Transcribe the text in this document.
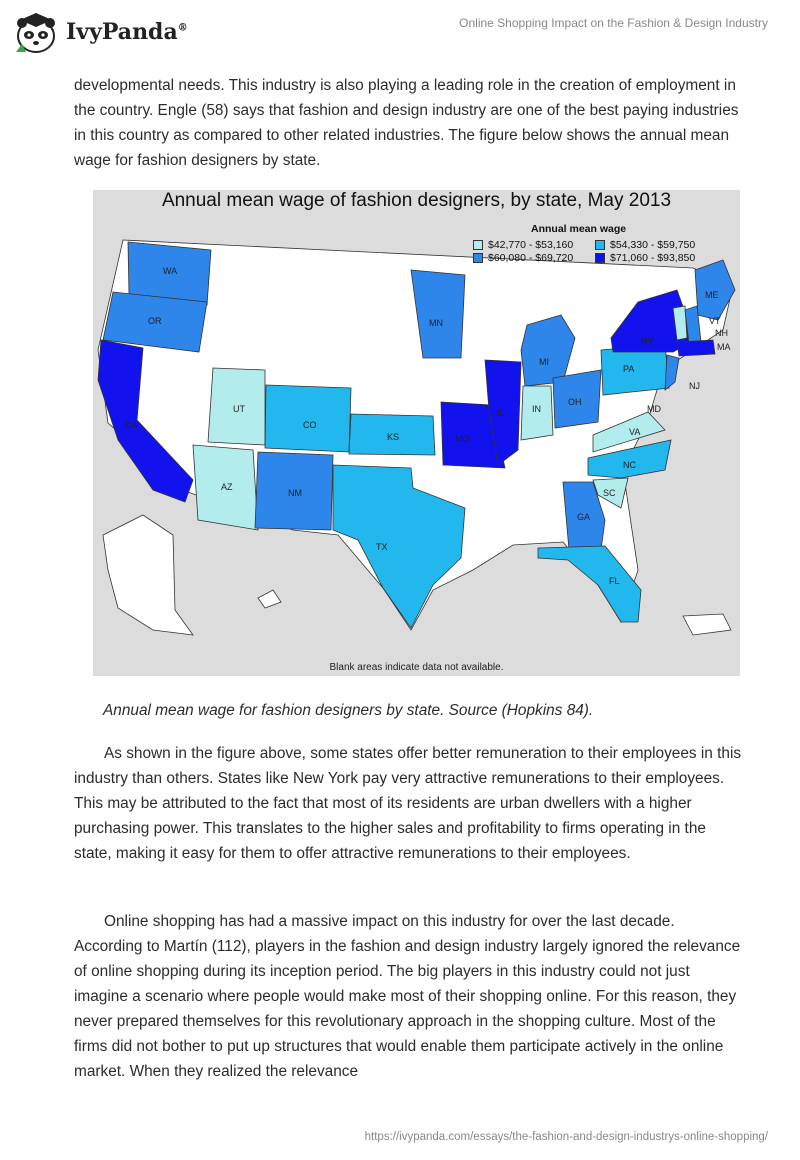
IvyPanda®	Online Shopping Impact on the Fashion & Design Industry

developmental needs. This industry is also playing a leading role in the creation of employment in the country. Engle (58) says that fashion and design industry are one of the best paying industries in this country as compared to other related industries. The figure below shows the annual mean wage for fashion designers by state.

WA
OR
CA
UT
AZ
CO
NM
KS
TX
MN
MO
IL
MI
IN
OH
PA
NY
NJ
MD
VA
NC
SC
GA
FL
ME
VT
NH
MA
Annual mean wage of fashion designers, by state, May 2013
Annual mean wage
$42,770 - $53,160	$54,330 - $59,750
$60,080 - $69,720	$71,060 - $93,850
Blank areas indicate data not available.
Annual mean wage for fashion designers by state. Source (Hopkins 84).

As shown in the figure above, some states offer better remuneration to their employees in this industry than others. States like New York pay very attractive remunerations to their employees. This may be attributed to the fact that most of its residents are urban dwellers with a higher purchasing power. This translates to the higher sales and profitability to firms operating in the state, making it easy for them to offer attractive remunerations to their employees.

Online shopping has had a massive impact on this industry for over the last decade. According to Martín (112), players in the fashion and design industry largely ignored the relevance of online shopping during its inception period. The big players in this industry could not just imagine a scenario where people would make most of their shopping online. For this reason, they never prepared themselves for this revolutionary approach in the shopping culture. Most of the firms did not bother to put up structures that would enable them participate actively in the online market. When they realized the relevance

https://ivypanda.com/essays/the-fashion-and-design-industrys-online-shopping/
